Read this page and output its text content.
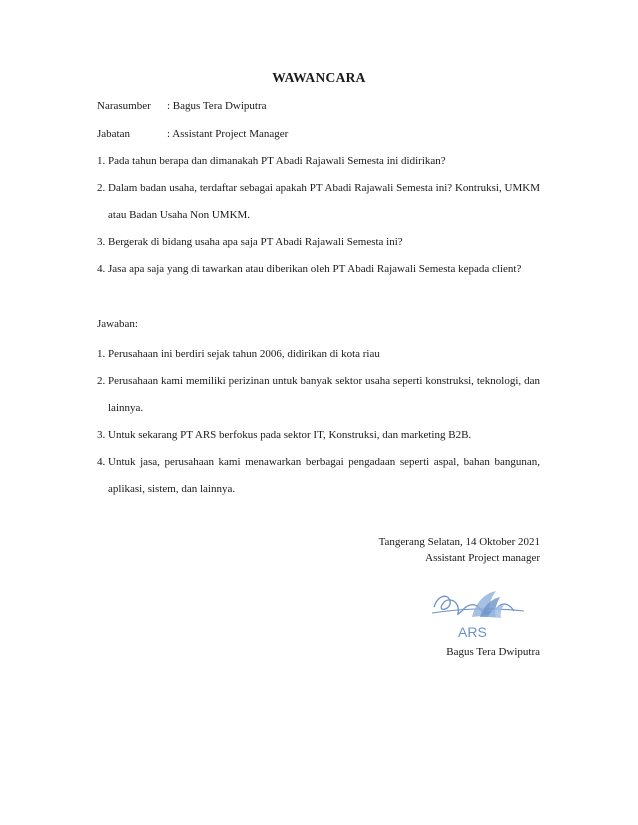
WAWANCARA
Narasumber : Bagus Tera Dwiputra
Jabatan	: Assistant Project Manager
1. Pada tahun berapa dan dimanakah PT Abadi Rajawali Semesta ini didirikan?
2. Dalam badan usaha, terdaftar sebagai apakah PT Abadi Rajawali Semesta ini? Kontruksi, UMKM atau Badan Usaha Non UMKM.
3. Bergerak di bidang usaha apa saja PT Abadi Rajawali Semesta ini?
4. Jasa apa saja yang di tawarkan atau diberikan oleh PT Abadi Rajawali Semesta kepada client?
Jawaban:
1. Perusahaan ini berdiri sejak tahun 2006, didirikan di kota riau
2. Perusahaan kami memiliki perizinan untuk banyak sektor usaha seperti konstruksi, teknologi, dan lainnya.
3. Untuk sekarang PT ARS berfokus pada sektor IT, Konstruksi, dan marketing B2B.
4. Untuk jasa, perusahaan kami menawarkan berbagai pengadaan seperti aspal, bahan bangunan, aplikasi, sistem, dan lainnya.
Tangerang Selatan, 14 Oktober 2021
Assistant Project manager
ARS
Bagus Tera Dwiputra
